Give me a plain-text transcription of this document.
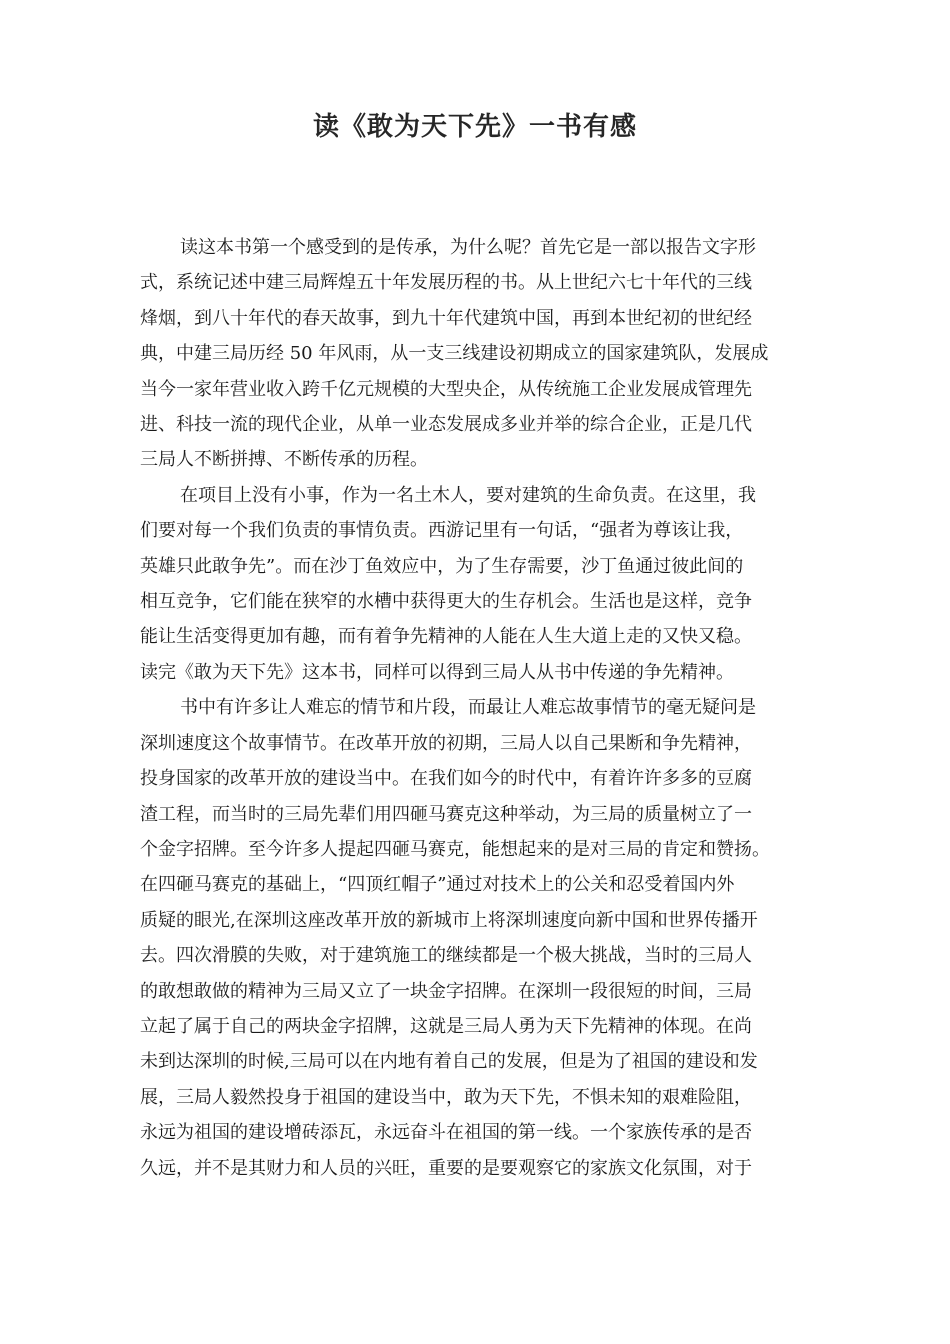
读《敢为天下先》一书有感
读这本书第一个感受到的是传承，为什么呢？首先它是一部以报告文字形
式，系统记述中建三局辉煌五十年发展历程的书。从上世纪六七十年代的三线
烽烟，到八十年代的春天故事，到九十年代建筑中国，再到本世纪初的世纪经
典，中建三局历经 50 年风雨，从一支三线建设初期成立的国家建筑队，发展成
当今一家年营业收入跨千亿元规模的大型央企，从传统施工企业发展成管理先
进、科技一流的现代企业，从单一业态发展成多业并举的综合企业，正是几代
三局人不断拼搏、不断传承的历程。
在项目上没有小事，作为一名土木人，要对建筑的生命负责。在这里，我
们要对每一个我们负责的事情负责。西游记里有一句话，“强者为尊该让我，
英雄只此敢争先”。而在沙丁鱼效应中，为了生存需要，沙丁鱼通过彼此间的
相互竞争，它们能在狭窄的水槽中获得更大的生存机会。生活也是这样，竞争
能让生活变得更加有趣，而有着争先精神的人能在人生大道上走的又快又稳。
读完《敢为天下先》这本书，同样可以得到三局人从书中传递的争先精神。
书中有许多让人难忘的情节和片段，而最让人难忘故事情节的毫无疑问是
深圳速度这个故事情节。在改革开放的初期，三局人以自己果断和争先精神，
投身国家的改革开放的建设当中。在我们如今的时代中，有着许许多多的豆腐
渣工程，而当时的三局先辈们用四砸马赛克这种举动，为三局的质量树立了一
个金字招牌。至今许多人提起四砸马赛克，能想起来的是对三局的肯定和赞扬。
在四砸马赛克的基础上，“四顶红帽子”通过对技术上的公关和忍受着国内外
质疑的眼光,在深圳这座改革开放的新城市上将深圳速度向新中国和世界传播开
去。四次滑膜的失败，对于建筑施工的继续都是一个极大挑战，当时的三局人
的敢想敢做的精神为三局又立了一块金字招牌。在深圳一段很短的时间，三局
立起了属于自己的两块金字招牌，这就是三局人勇为天下先精神的体现。在尚
未到达深圳的时候,三局可以在内地有着自己的发展，但是为了祖国的建设和发
展，三局人毅然投身于祖国的建设当中，敢为天下先，不惧未知的艰难险阻，
永远为祖国的建设增砖添瓦，永远奋斗在祖国的第一线。一个家族传承的是否
久远，并不是其财力和人员的兴旺，重要的是要观察它的家族文化氛围，对于
